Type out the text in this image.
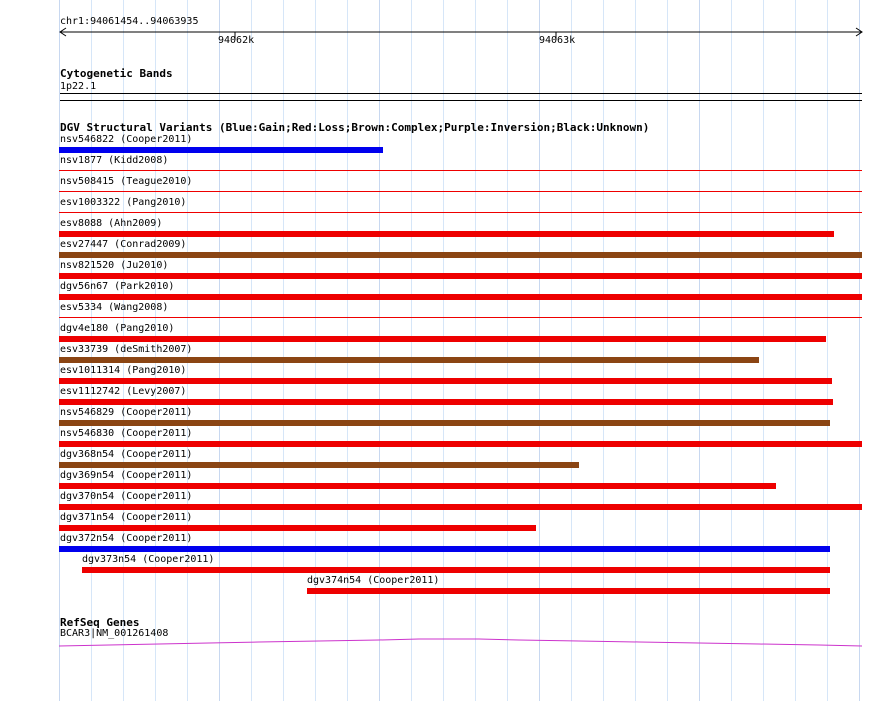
chr1:94061454..94063935
94062k	94063k
Cytogenetic Bands
1p22.1
DGV Structural Variants (Blue:Gain;Red:Loss;Brown:Complex;Purple:Inversion;Black:Unknown)
nsv546822 (Cooper2011)
nsv1877 (Kidd2008)
nsv508415 (Teague2010)
esv1003322 (Pang2010)
esv8088 (Ahn2009)
esv27447 (Conrad2009)
nsv821520 (Ju2010)
dgv56n67 (Park2010)
esv5334 (Wang2008)
dgv4e180 (Pang2010)
esv33739 (deSmith2007)
esv1011314 (Pang2010)
esv1112742 (Levy2007)
nsv546829 (Cooper2011)
nsv546830 (Cooper2011)
dgv368n54 (Cooper2011)
dgv369n54 (Cooper2011)
dgv370n54 (Cooper2011)
dgv371n54 (Cooper2011)
dgv372n54 (Cooper2011)
dgv373n54 (Cooper2011)
dgv374n54 (Cooper2011)
RefSeq Genes
BCAR3|NM_001261408
